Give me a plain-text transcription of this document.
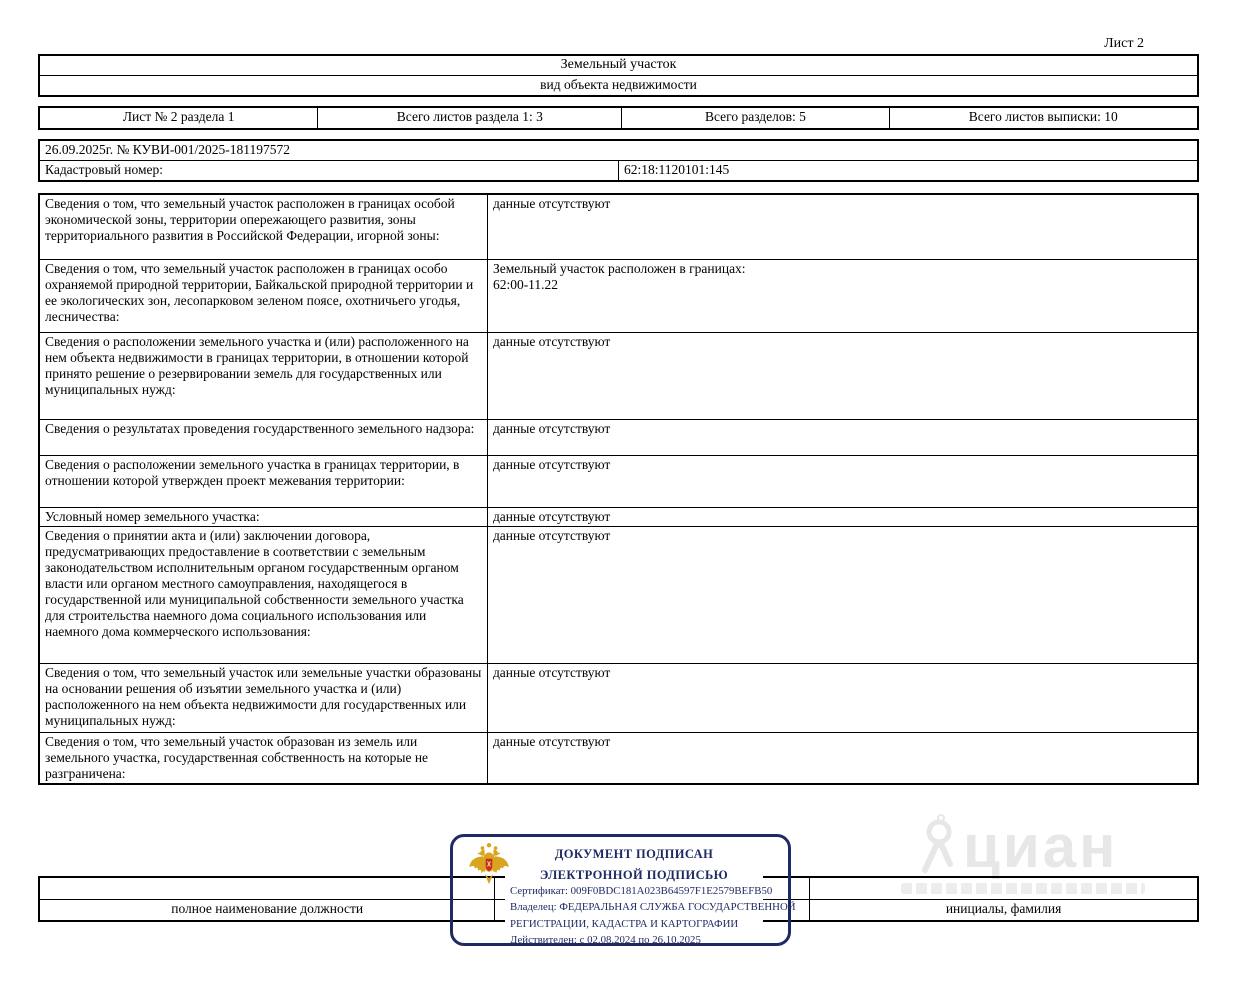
циан
Лист 2
Земельный участок
вид объекта недвижимости
Лист № 2 раздела 1	Всего листов раздела 1: 3	Всего разделов: 5	Всего листов выписки: 10
26.09.2025г. № КУВИ-001/2025-181197572
Кадастровый номер:	62:18:1120101:145
Сведения о том, что земельный участок расположен в границах особой экономической зоны, территории опережающего развития, зоны территориального развития в Российской Федерации, игорной зоны:	данные отсутствуют
Сведения о том, что земельный участок расположен в границах особо охраняемой природной территории, Байкальской природной территории и ее экологических зон, лесопарковом зеленом поясе, охотничьего угодья, лесничества:	Земельный участок расположен в границах:
62:00-11.22
Сведения о расположении земельного участка и (или) расположенного на нем объекта недвижимости в границах территории, в отношении которой принято решение о резервировании земель для государственных или муниципальных нужд:	данные отсутствуют
Сведения о результатах проведения государственного земельного надзора:	данные отсутствуют
Сведения о расположении земельного участка в границах территории, в отношении которой утвержден проект межевания территории:	данные отсутствуют
Условный номер земельного участка:	данные отсутствуют
Сведения о принятии акта и (или) заключении договора, предусматривающих предоставление в соответствии с земельным законодательством исполнительным органом государственным органом власти или органом местного самоуправления, находящегося в государственной или муниципальной собственности земельного участка для строительства наемного дома социального использования или наемного дома коммерческого использования:	данные отсутствуют
Сведения о том, что земельный участок или земельные участки образованы на основании решения об изъятии земельного участка и (или) расположенного на нем объекта недвижимости для государственных или муниципальных нужд:	данные отсутствуют
Сведения о том, что земельный участок образован из земель или земельного участка, государственная собственность на которые не разграничена:	данные отсутствуют

полное наименование должности		инициалы, фамилия
ДОКУМЕНТ ПОДПИСАН
ЭЛЕКТРОННОЙ ПОДПИСЬЮ
Сертификат: 009F0BDC181A023B64597F1E2579BEFB50
Владелец: ФЕДЕРАЛЬНАЯ СЛУЖБА ГОСУДАРСТВЕННОЙ
РЕГИСТРАЦИИ, КАДАСТРА И КАРТОГРАФИИ
Действителен: с 02.08.2024 по 26.10.2025
